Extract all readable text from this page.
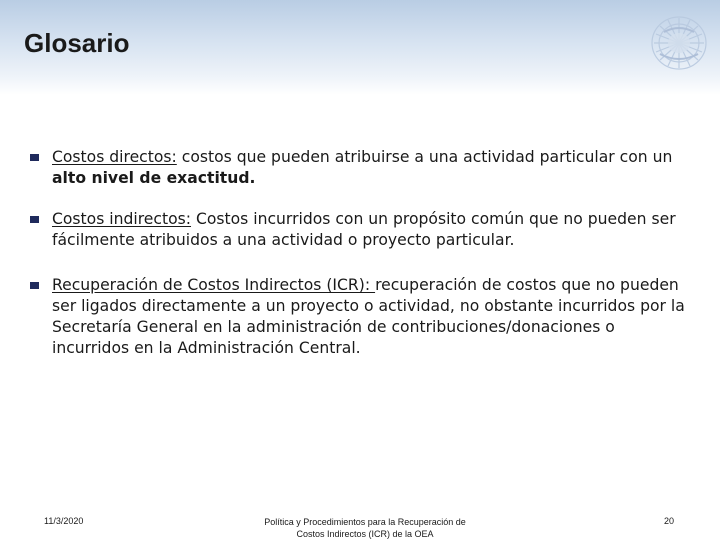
Glosario
Costos directos: costos que pueden atribuirse a una actividad particular con un alto nivel de exactitud.
Costos indirectos: Costos incurridos con un propósito común que no pueden ser fácilmente atribuidos a una actividad o proyecto particular.
Recuperación de Costos Indirectos (ICR): recuperación de costos que no pueden ser ligados directamente a un proyecto o actividad, no obstante incurridos por la Secretaría General en la administración de contribuciones/donaciones o incurridos en la Administración Central.
11/3/2020	Política y Procedimientos para la Recuperación de
Costos Indirectos (ICR) de la OEA
20
